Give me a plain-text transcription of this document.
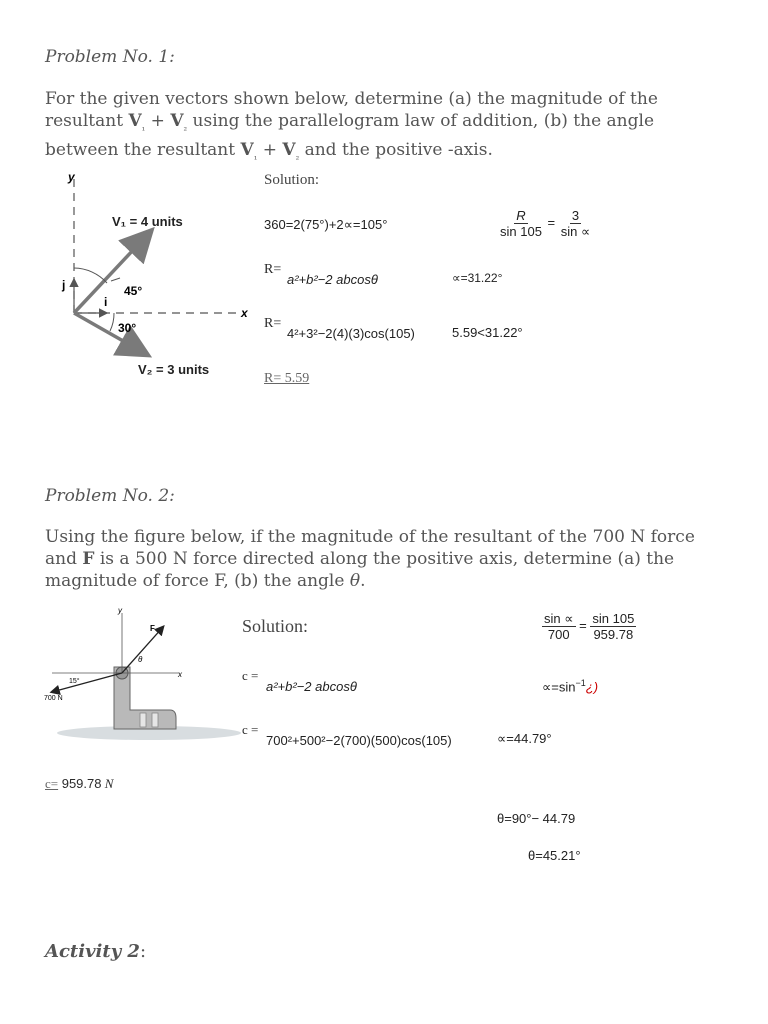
Problem No. 1:
For the given vectors shown below, determine (a) the magnitude of the resultant $V_{_1} + V_{_2}$ using the parallelogram law of addition, (b) the angle between the resultant $V_{_1} + V_{_2}$ and the positive -axis.
y
x
j
i
V₁ = 4 units
V₂ = 3 units
45°
30°
Solution:
360=2(75°)+2∝=105°	$\frac{R}{\sin 105} = \frac{3}{\sin \propto}$
R=
a²+b²−2 abcosθ	∝=31.22°
R=
4²+3²−2(4)(3)cos(105)	5.59<31.22°
R= 5.59
Problem No. 2:
Using the figure below, if the magnitude of the resultant of the 700 N force and F is a 500 N force directed along the positive axis, determine (a) the magnitude of force F, (b) the angle θ.
y
x
F
θ
15°
700 N
Solution:	$\frac{\sin \propto}{700} = \frac{\sin 105}{959.78}$
c =
a²+b²−2 abcosθ	$\propto=\sin^{-1}¿$)
c =
700²+500²−2(700)(500)cos(105)	∝=44.79°
c= 959.78 N
θ=90°− 44.79
θ=45.21°
Activity 2:
